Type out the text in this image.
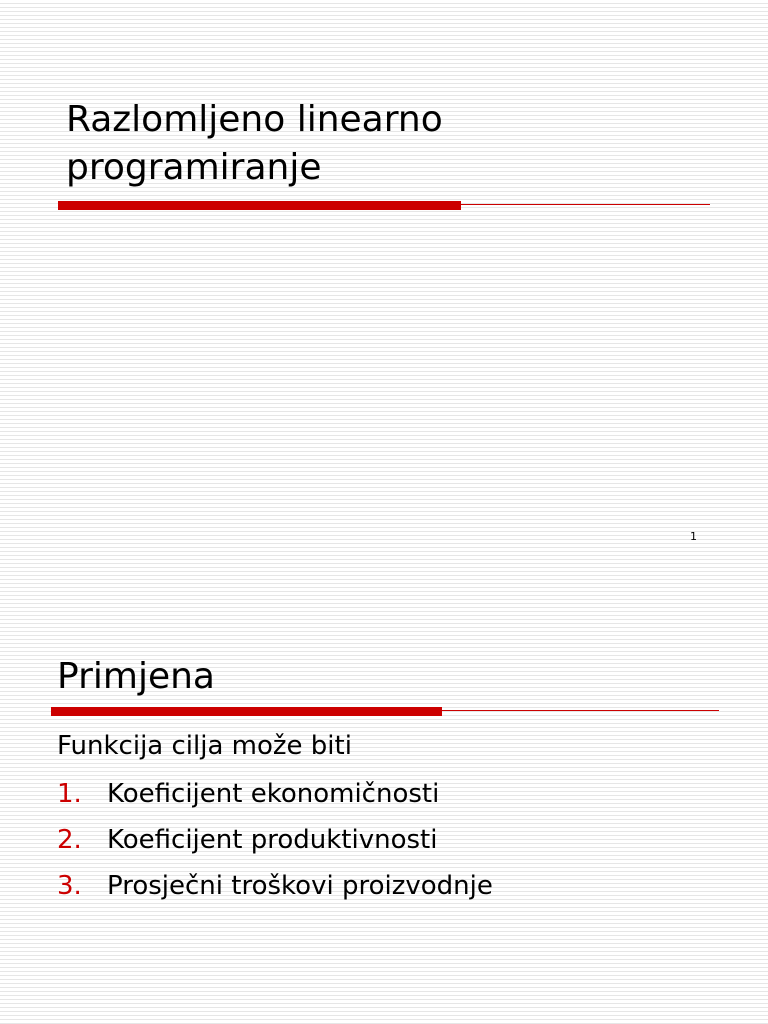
Razlomljeno linearno
programiranje
1
Primjena

Funkcija cilja može biti

1. Koeficijent ekonomičnosti
2. Koeficijent produktivnosti
3. Prosječni troškovi proizvodnje
